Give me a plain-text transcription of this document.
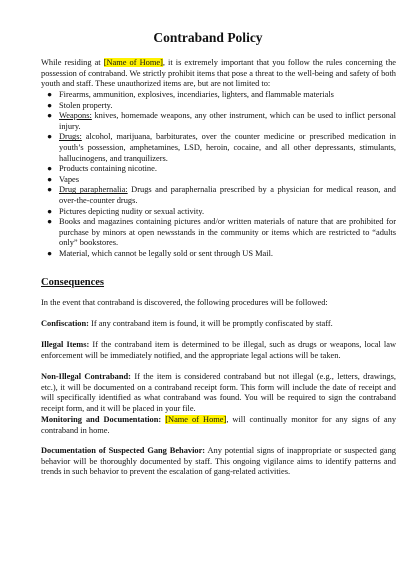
Contraband Policy

While residing at [Name of Home], it is extremely important that you follow the rules concerning the possession of contraband. We strictly prohibit items that pose a threat to the well-being and safety of both youth and staff. These unauthorized items are, but are not limited to:

● Firearms, ammunition, explosives, incendiaries, lighters, and flammable materials
● Stolen property.
● Weapons: knives, homemade weapons, any other instrument, which can be used to inflict personal injury.
● Drugs: alcohol, marijuana, barbiturates, over the counter medicine or prescribed medication in youth’s possession, amphetamines, LSD, heroin, cocaine, and all other depressants, stimulants, hallucinogens, and tranquilizers.
● Products containing nicotine.
● Vapes
● Drug paraphernalia: Drugs and paraphernalia prescribed by a physician for medical reason, and over-the-counter drugs.
● Pictures depicting nudity or sexual activity.
● Books and magazines containing pictures and/or written materials of nature that are prohibited for purchase by minors at open newsstands in the community or items which are restricted to “adults only” bookstores.
● Material, which cannot be legally sold or sent through US Mail.
Consequences

In the event that contraband is discovered, the following procedures will be followed:

Confiscation: If any contraband item is found, it will be promptly confiscated by staff.

Illegal Items: If the contraband item is determined to be illegal, such as drugs or weapons, local law enforcement will be immediately notified, and the appropriate legal actions will be taken.

Non-Illegal Contraband: If the item is considered contraband but not illegal (e.g., letters, drawings, etc.), it will be documented on a contraband receipt form. This form will include the date of receipt and will specifically identified as what contraband was found. You will be required to sign the contraband receipt form, and it will be placed in your file.

Monitoring and Documentation: [Name of Home], will continually monitor for any signs of any contraband in home.

Documentation of Suspected Gang Behavior: Any potential signs of inappropriate or suspected gang behavior will be thoroughly documented by staff. This ongoing vigilance aims to identify patterns and trends in such behavior to prevent the escalation of gang-related activities.
